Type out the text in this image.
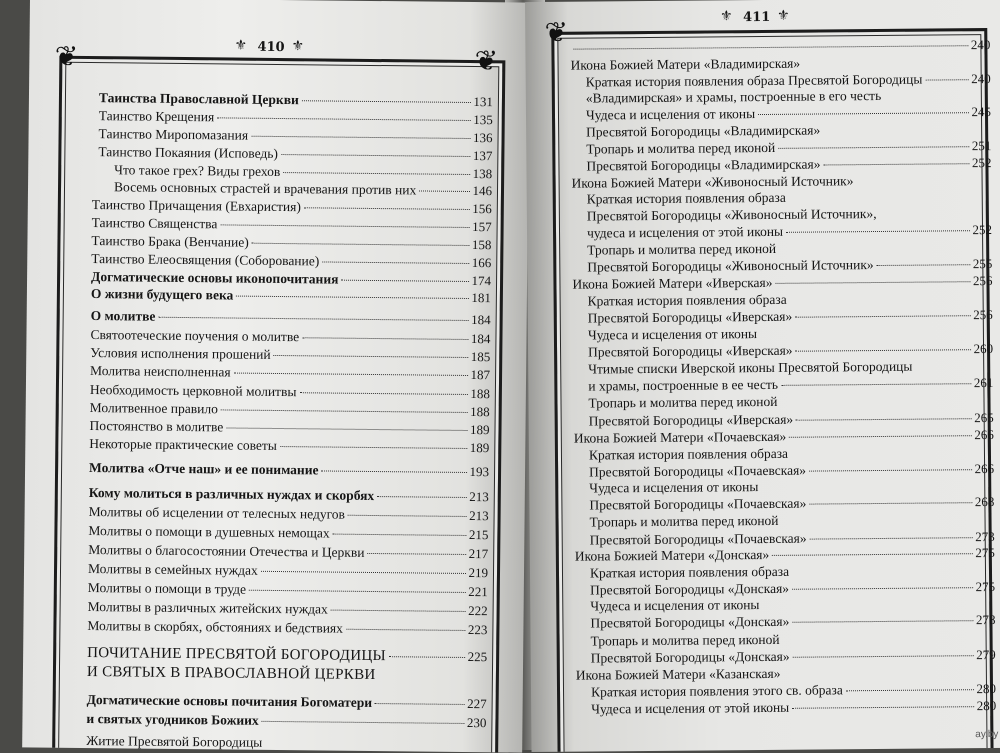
❦	❦
⚜ 410 ⚜
Таинства Православной Церкви	131
Таинство Крещения	135
Таинство Миропомазания	136
Таинство Покаяния (Исповедь)	137
Что такое грех? Виды грехов	138
Восемь основных страстей и врачевания против них	146
Таинство Причащения (Евхаристия)	156
Таинство Священства	157
Таинство Брака (Венчание)	158
Таинство Елеосвящения (Соборование)	166
Догматические основы иконопочитания	174
О жизни будущего века	181
О молитве	184
Святоотеческие поучения о молитве	184
Условия исполнения прошений	185
Молитва неисполненная	187
Необходимость церковной молитвы	188
Молитвенное правило	188
Постоянство в молитве	189
Некоторые практические советы	189
Молитва «Отче наш» и ее понимание	193
Кому молиться в различных нуждах и скорбях	213
Молитвы об исцелении от телесных недугов	213
Молитвы о помощи в душевных немощах	215
Молитвы о благосостоянии Отечества и Церкви	217
Молитвы в семейных нуждах	219
Молитвы о помощи в труде	221
Молитвы в различных житейских нуждах	222
Молитвы в скорбях, обстояниях и бедствиях	223
ПОЧИТАНИЕ ПРЕСВЯТОЙ БОГОРОДИЦЫ	225
И СВЯТЫХ В ПРАВОСЛАВНОЙ ЦЕРКВИ
Догматические основы почитания Богоматери	227
и святых угодников Божиих	230
Житие Пресвятой Богородицы
❦	⚜ 411 ⚜
240
Икона Божией Матери «Владимирская»
Краткая история появления образа Пресвятой Богородицы	240
«Владимирская» и храмы, построенные в его честь
Чудеса и исцеления от иконы	245
Пресвятой Богородицы «Владимирская»
Тропарь и молитва перед иконой	251
Пресвятой Богородицы «Владимирская»	252
Икона Божией Матери «Живоносный Источник»
Краткая история появления образа
Пресвятой Богородицы «Живоносный Источник»,
чудеса и исцеления от этой иконы	252
Тропарь и молитва перед иконой
Пресвятой Богородицы «Живоносный Источник»	255
Икона Божией Матери «Иверская»	256
Краткая история появления образа
Пресвятой Богородицы «Иверская»	256
Чудеса и исцеления от иконы
Пресвятой Богородицы «Иверская»	260
Чтимые списки Иверской иконы Пресвятой Богородицы
и храмы, построенные в ее честь	261
Тропарь и молитва перед иконой
Пресвятой Богородицы «Иверская»	265
Икона Божией Матери «Почаевская»	266
Краткая история появления образа
Пресвятой Богородицы «Почаевская»	266
Чудеса и исцеления от иконы
Пресвятой Богородицы «Почаевская»	268
Тропарь и молитва перед иконой
Пресвятой Богородицы «Почаевская»	273
Икона Божией Матери «Донская»	275
Краткая история появления образа
Пресвятой Богородицы «Донская»	275
Чудеса и исцеления от иконы
Пресвятой Богородицы «Донская»	278
Тропарь и молитва перед иконой
Пресвятой Богородицы «Донская»	279
Икона Божией Матери «Казанская»
Краткая история появления этого св. образа	280
Чудеса и исцеления от этой иконы	280
ay.by
